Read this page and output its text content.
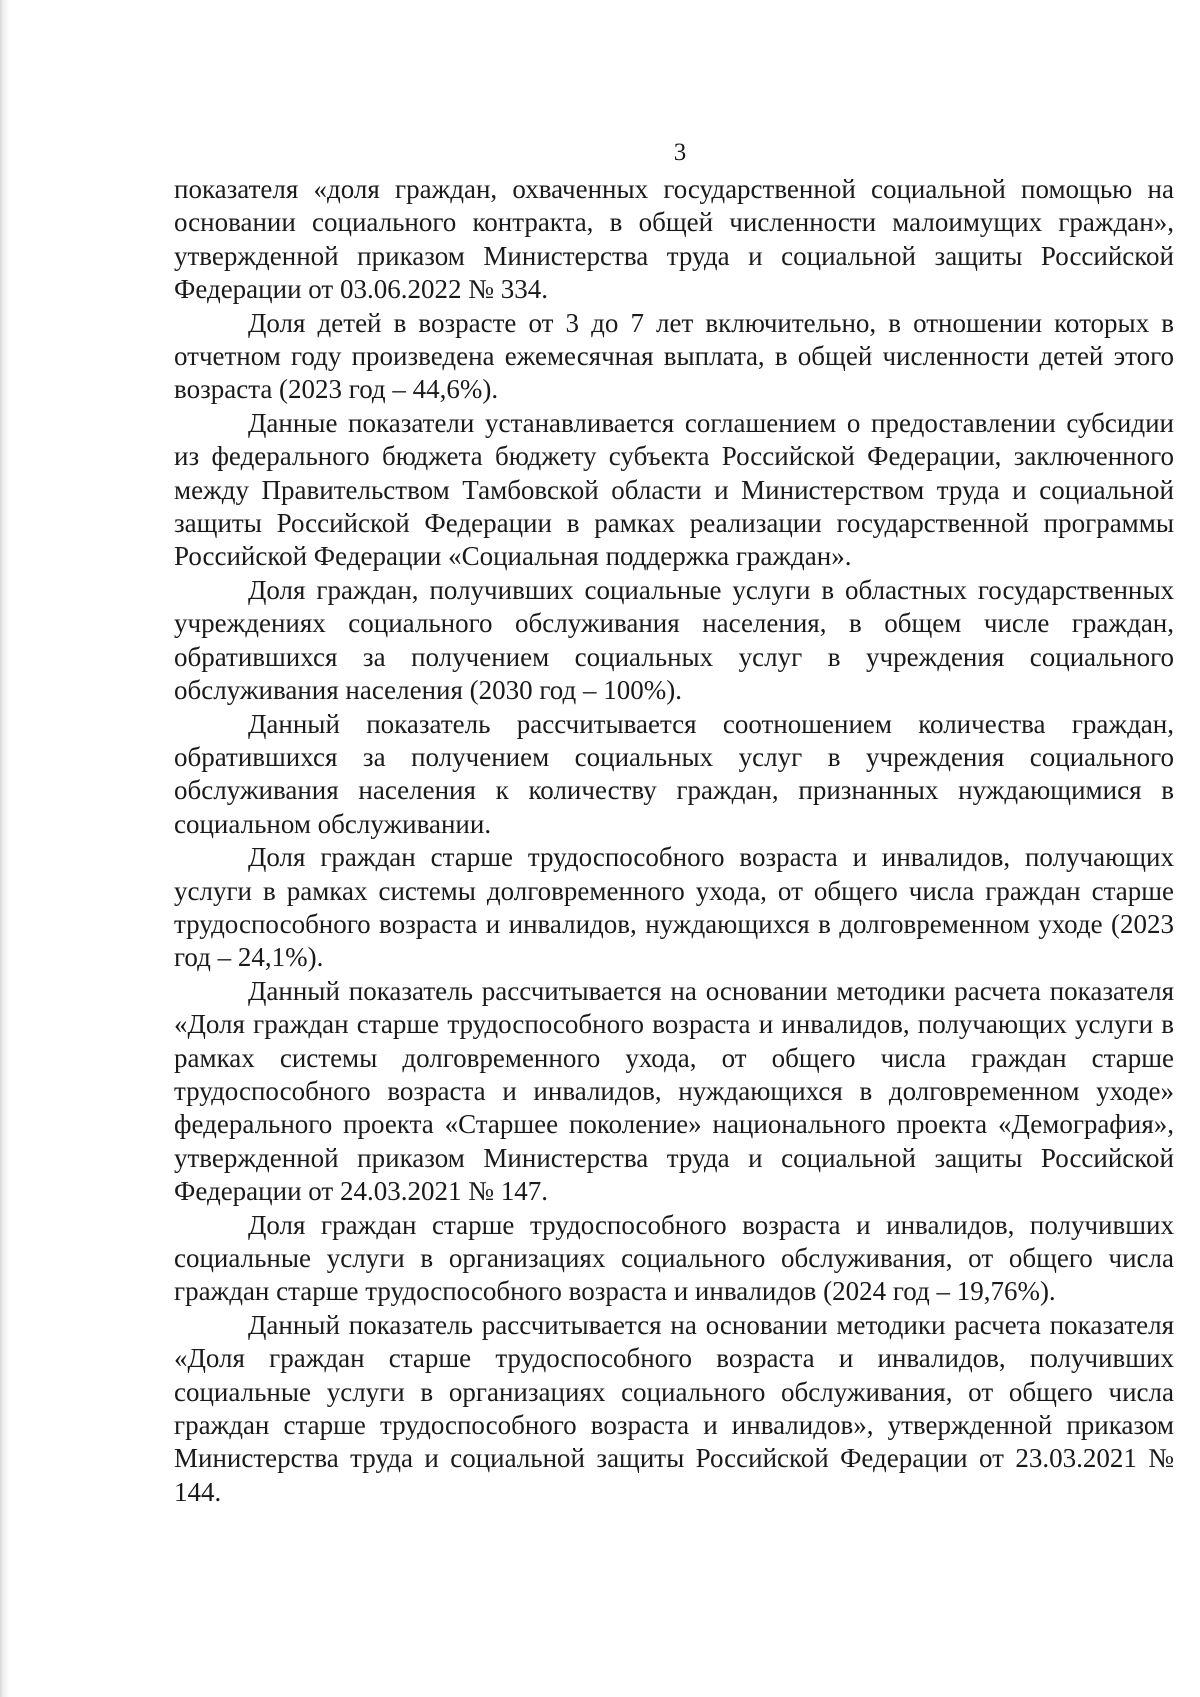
3

показателя «доля граждан, охваченных государственной социальной помощью на основании социального контракта, в общей численности малоимущих граждан», утвержденной приказом Министерства труда и социальной защиты Российской Федерации от 03.06.2022 № 334.

Доля детей в возрасте от 3 до 7 лет включительно, в отношении которых в отчетном году произведена ежемесячная выплата, в общей численности детей этого возраста (2023 год – 44,6%).

Данные показатели устанавливается соглашением о предоставлении субсидии из федерального бюджета бюджету субъекта Российской Федерации, заключенного между Правительством Тамбовской области и Министерством труда и социальной защиты Российской Федерации в рамках реализации государственной программы Российской Федерации «Социальная поддержка граждан».

Доля граждан, получивших социальные услуги в областных государственных учреждениях социального обслуживания населения, в общем числе граждан, обратившихся за получением социальных услуг в учреждения социального обслуживания населения (2030 год – 100%).

Данный показатель рассчитывается соотношением количества граждан, обратившихся за получением социальных услуг в учреждения социального обслуживания населения к количеству граждан, признанных нуждающимися в социальном обслуживании.

Доля граждан старше трудоспособного возраста и инвалидов, получающих услуги в рамках системы долговременного ухода, от общего числа граждан старше трудоспособного возраста и инвалидов, нуждающихся в долговременном уходе (2023 год – 24,1%).

Данный показатель рассчитывается на основании методики расчета показателя «Доля граждан старше трудоспособного возраста и инвалидов, получающих услуги в рамках системы долговременного ухода, от общего числа граждан старше трудоспособного возраста и инвалидов, нуждающихся в долговременном уходе» федерального проекта «Старшее поколение» национального проекта «Демография», утвержденной приказом Министерства труда и социальной защиты Российской Федерации от 24.03.2021 № 147.

Доля граждан старше трудоспособного возраста и инвалидов, получивших социальные услуги в организациях социального обслуживания, от общего числа граждан старше трудоспособного возраста и инвалидов (2024 год – 19,76%).

Данный показатель рассчитывается на основании методики расчета показателя «Доля граждан старше трудоспособного возраста и инвалидов, получивших социальные услуги в организациях социального обслуживания, от общего числа граждан старше трудоспособного возраста и инвалидов», утвержденной приказом Министерства труда и социальной защиты Российской Федерации от 23.03.2021 № 144.
